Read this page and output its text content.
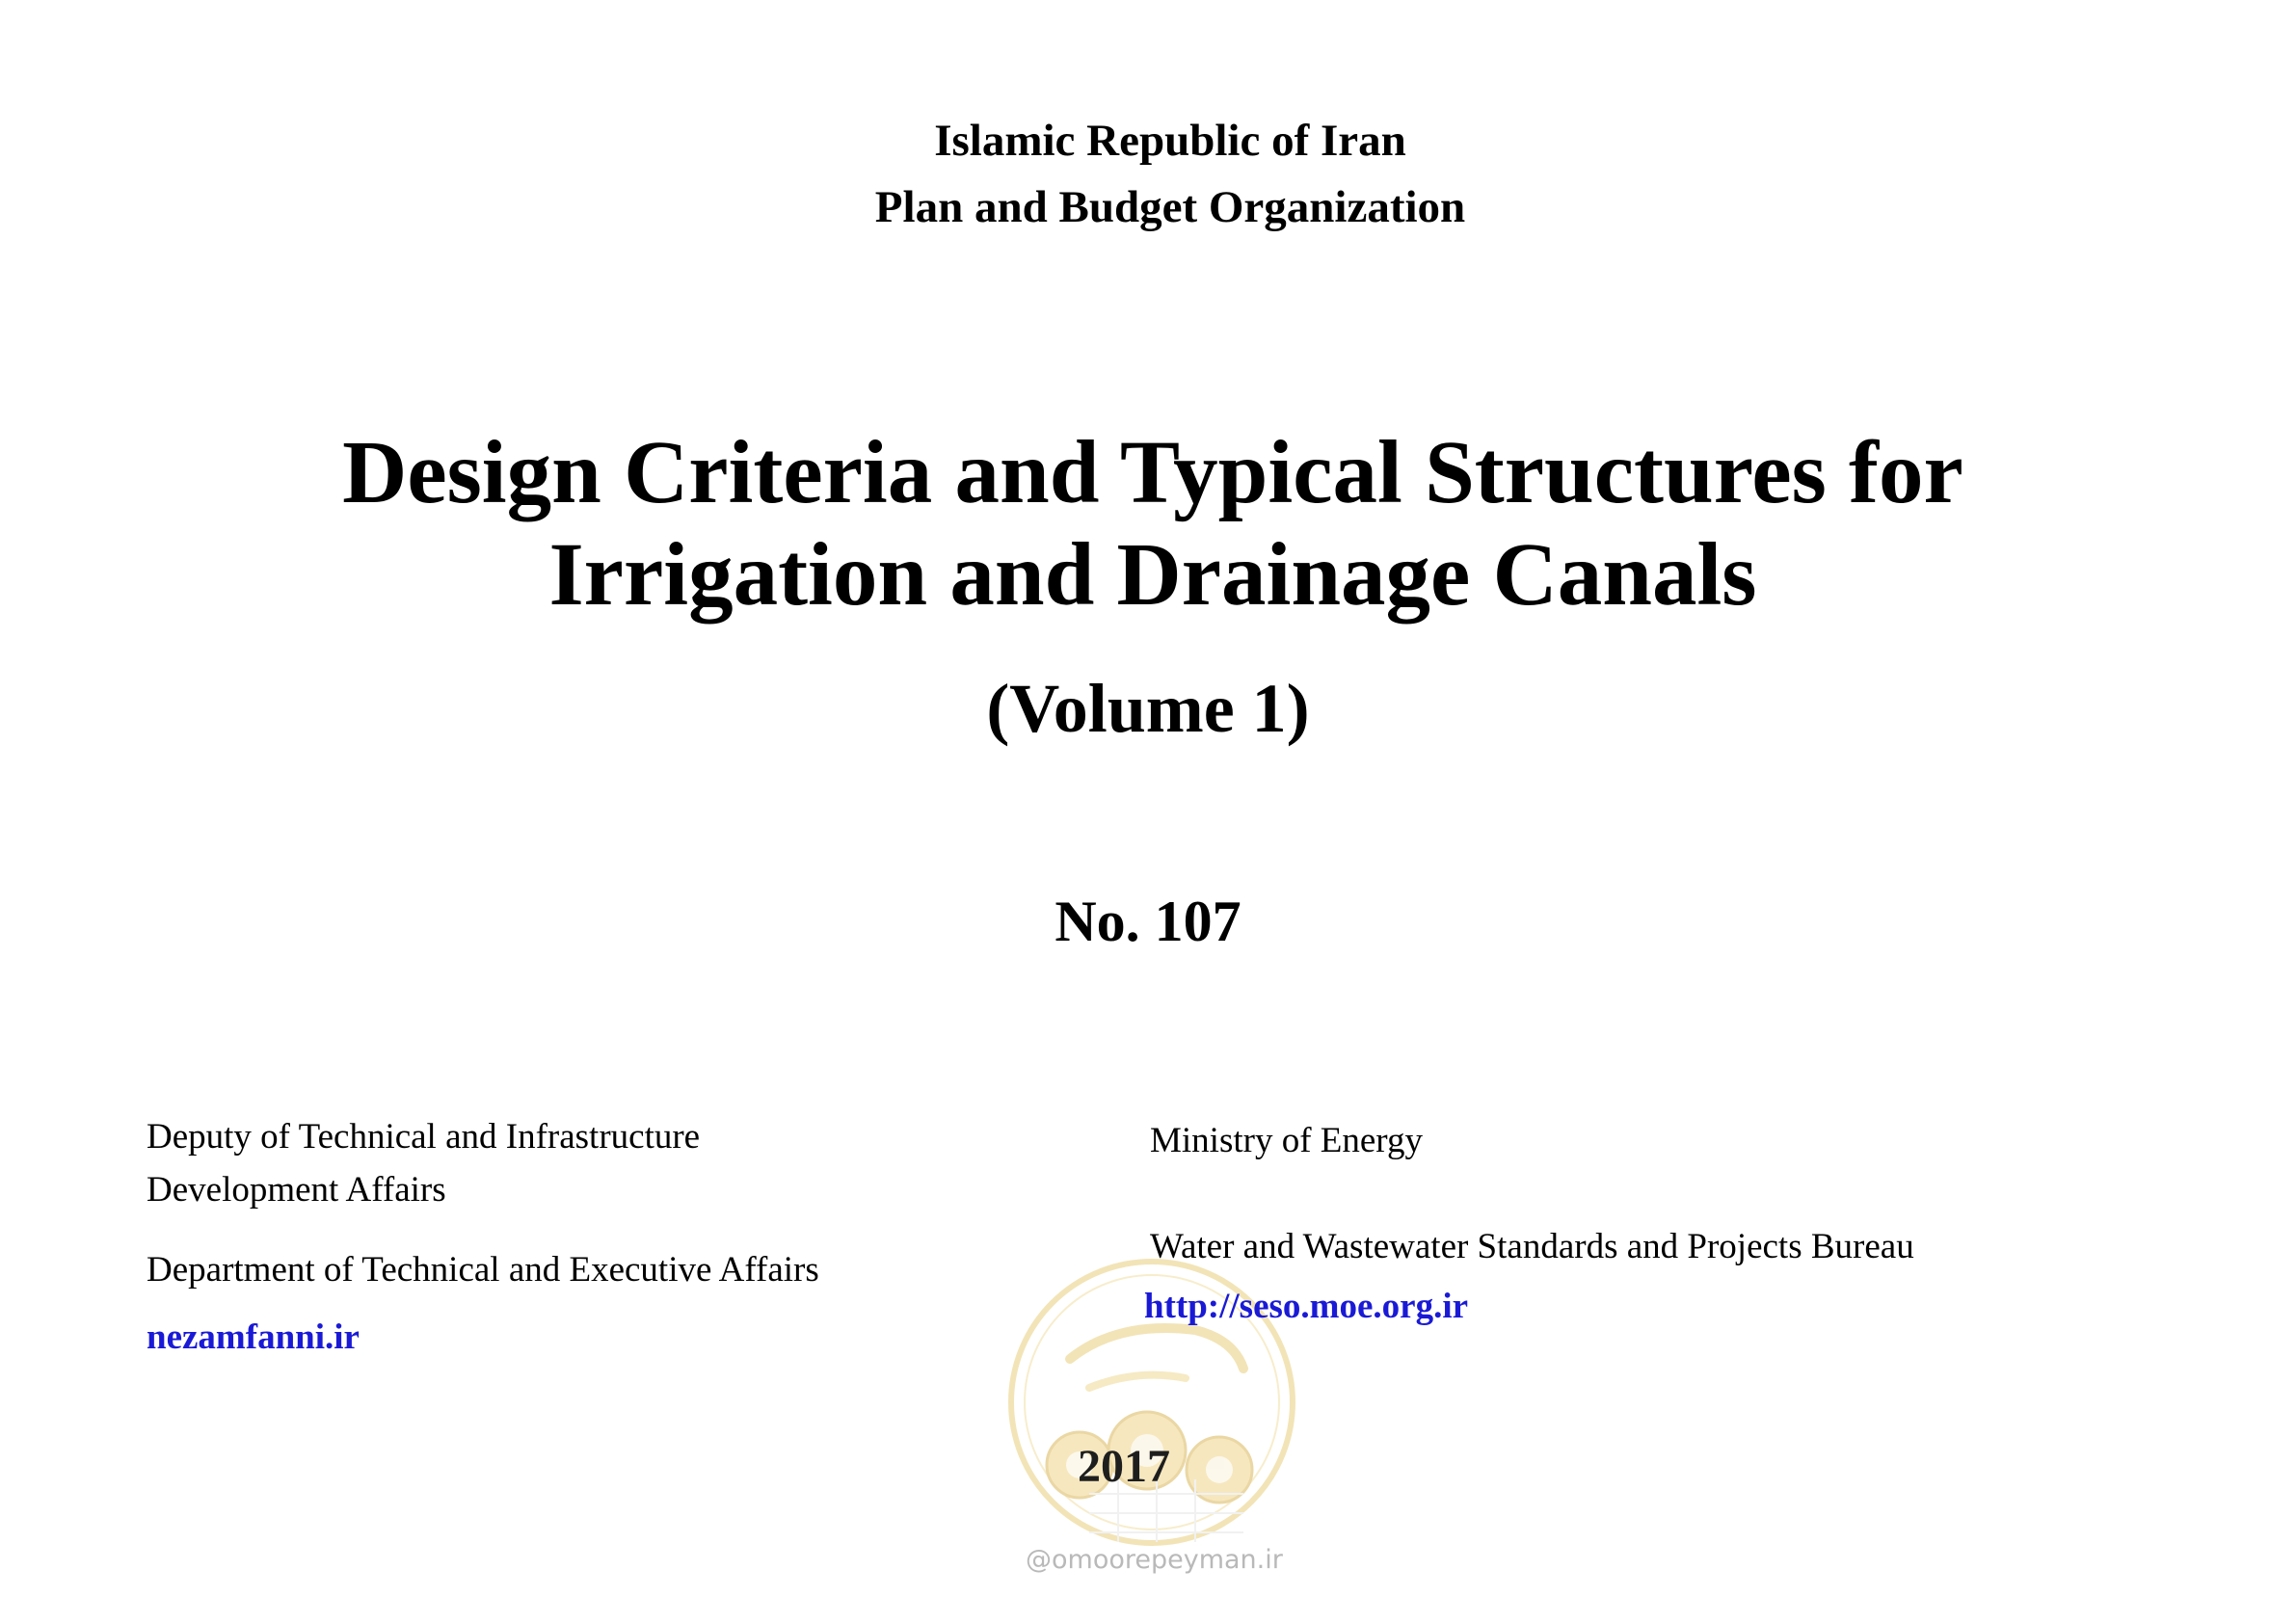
Islamic Republic of Iran
Plan and Budget Organization
Design Criteria and Typical Structures for
Irrigation and Drainage Canals
(Volume 1)
No. 107
Deputy of Technical and Infrastructure
Development Affairs
Department of Technical and Executive Affairs
nezamfanni.ir
Ministry of Energy
Water and Wastewater Standards and Projects Bureau
http://seso.moe.org.ir
2017
@omoorepeyman.ir
